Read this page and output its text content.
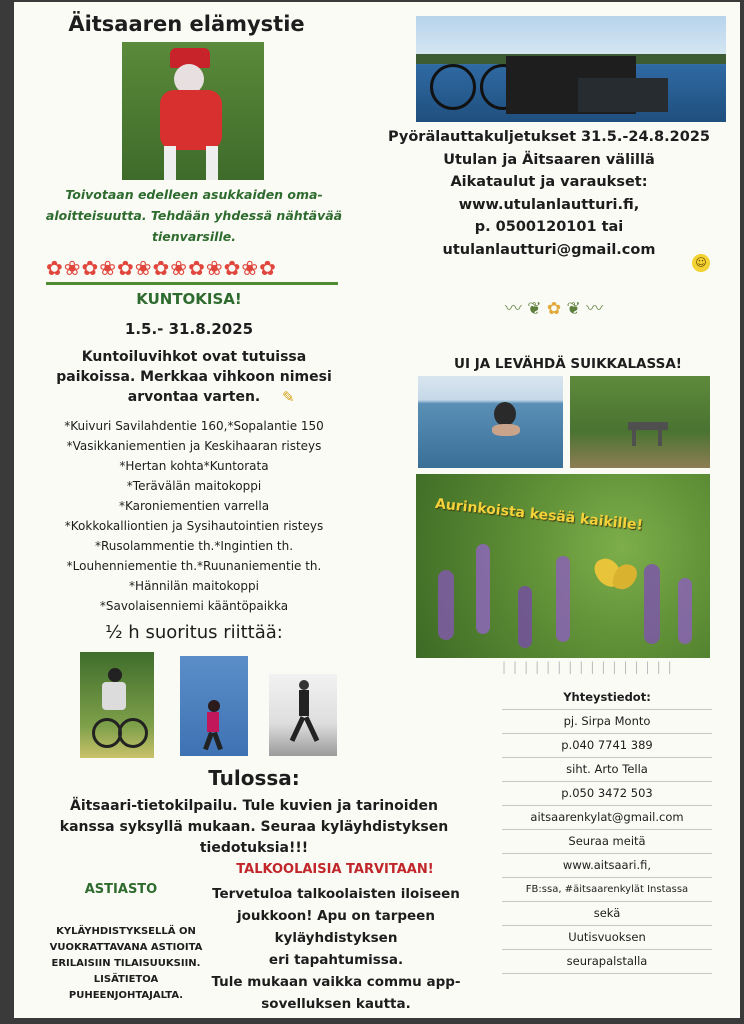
Äitsaaren elämystie
Toivotaan edelleen asukkaiden oma-
aloitteisuutta. Tehdään yhdessä nähtävää
tienvarsille.
✿❀✿❀✿❀✿❀✿❀✿❀✿
KUNTOKISA!
1.5.- 31.8.2025
Kuntoiluvihkot ovat tutuissa
paikoissa. Merkkaa vihkoon nimesi
arvontaa varten.	✎
*Kuivuri Savilahdentie 160,*Sopalantie 150
*Vasikkaniementien ja Keskihaaran risteys
*Hertan kohta*Kuntorata
*Terävälän maitokoppi
*Karoniementien varrella
*Kokkokalliontien ja Sysihautointien risteys
*Rusolammentie th.*Ingintien th.
*Louhenniementie th.*Ruunaniementie th.
*Hännilän maitokoppi
*Savolaisenniemi kääntöpaikka
½ h suoritus riittää:
Tulossa:
Äitsaari-tietokilpailu. Tule kuvien ja tarinoiden
kanssa syksyllä mukaan. Seuraa kyläyhdistyksen
tiedotuksia!!!
ASTIASTO
KYLÄYHDISTYKSELLÄ ON
VUOKRATTAVANA ASTIOITA
ERILAISIIN TILAISUUKSIIN.
LISÄTIETOA
PUHEENJOHTAJALTA.
TALKOOLAISIA TARVITAAN!
Tervetuloa talkoolaisten iloiseen
joukkoon! Apu on tarpeen
kyläyhdistyksen
eri tapahtumissa.
Tule mukaan vaikka commu app-
sovelluksen kautta.
Pyörälauttakuljetukset 31.5.-24.8.2025
Utulan ja Äitsaaren välillä
Aikataulut ja varaukset:
www.utulanlautturi.fi,
p. 0500120101 tai
utulanlautturi@gmail.com
☺
〰 ❦ ✿ ❦ 〰
UI JA LEVÄHDÄ SUIKKALASSA!
Aurinkoista kesää kaikille!
||||||||||||||||
Yhteystiedot:
pj. Sirpa Monto
p.040 7741 389
siht. Arto Tella
p.050 3472 503
aitsaarenkylat@gmail.com
Seuraa meitä
www.aitsaari.fi,
FB:ssa, #äitsaarenkylät Instassa
sekä
Uutisvuoksen
seurapalstalla
